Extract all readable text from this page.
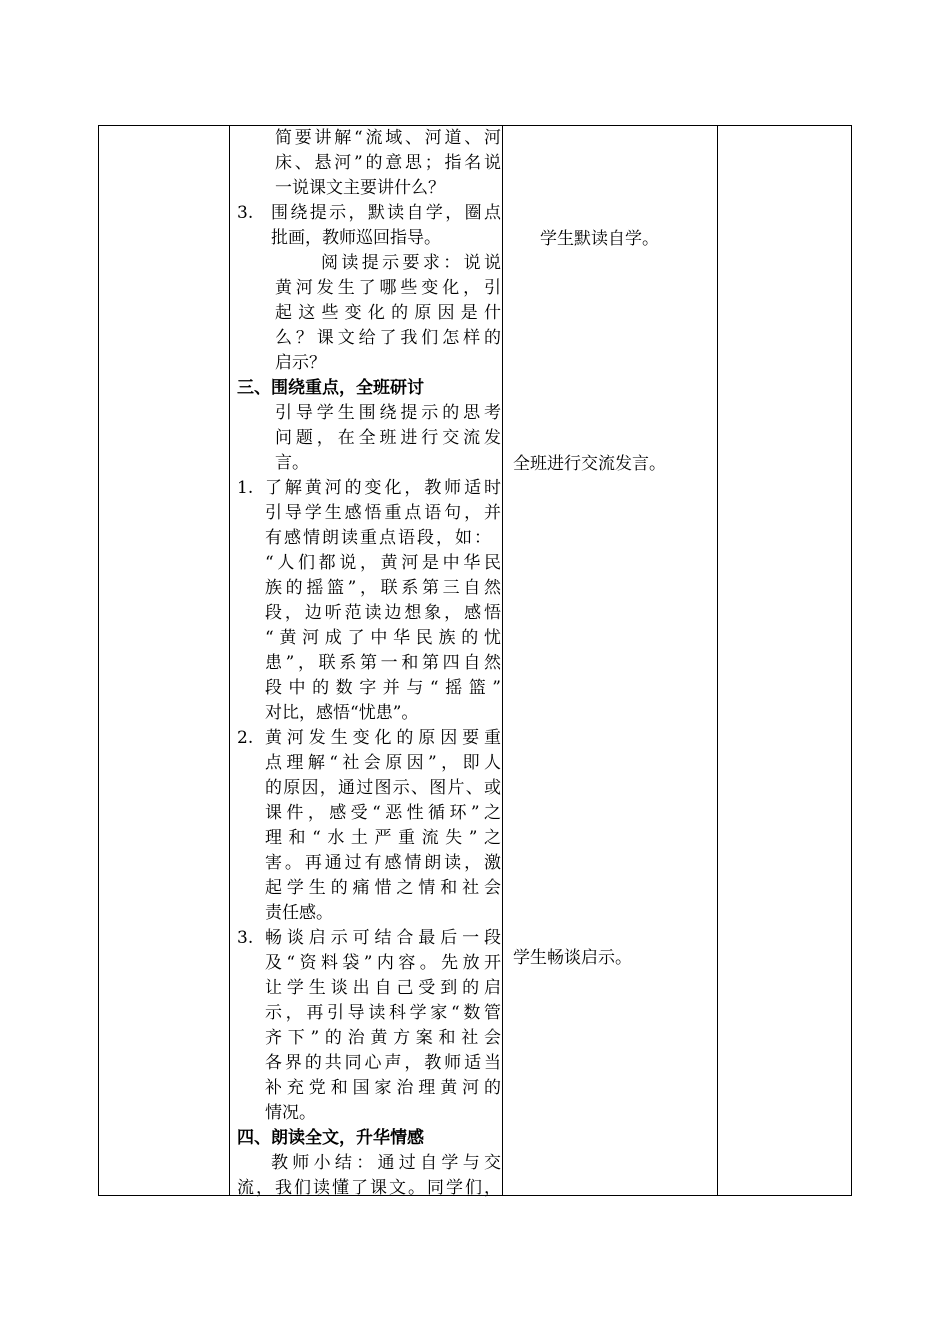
简要讲解“流域、河道、河
床、悬河”的意思；指名说
一说课文主要讲什么？
3. 围绕提示，默读自学，圈点
批画，教师巡回指导。
阅读提示要求：说说
黄河发生了哪些变化，引
起这些变化的原因是什
么？课文给了我们怎样的
启示？
三、围绕重点，全班研讨
引导学生围绕提示的思考
问题，在全班进行交流发
言。
1. 了解黄河的变化，教师适时
引导学生感悟重点语句，并
有感情朗读重点语段，如：
“人们都说，黄河是中华民
族的摇篮”，联系第三自然
段，边听范读边想象，感悟
“黄河成了中华民族的忧
患”，联系第一和第四自然
段中的数字并与“摇篮”
对比，感悟“忧患”。
2. 黄河发生变化的原因要重
点理解“社会原因”，即人
的原因，通过图示、图片、或
课件，感受“恶性循环”之
理和“水土严重流失”之
害。再通过有感情朗读，激
起学生的痛惜之情和社会
责任感。
3. 畅谈启示可结合最后一段
及“资料袋”内容。先放开
让学生谈出自己受到的启
示，再引导读科学家“数管
齐下”的治黄方案和社会
各界的共同心声，教师适当
补充党和国家治理黄河的
情况。
四、朗读全文，升华情感
教师小结：通过自学与交
流，我们读懂了课文。同学们，
学生默读自学。
全班进行交流发言。
学生畅谈启示。
